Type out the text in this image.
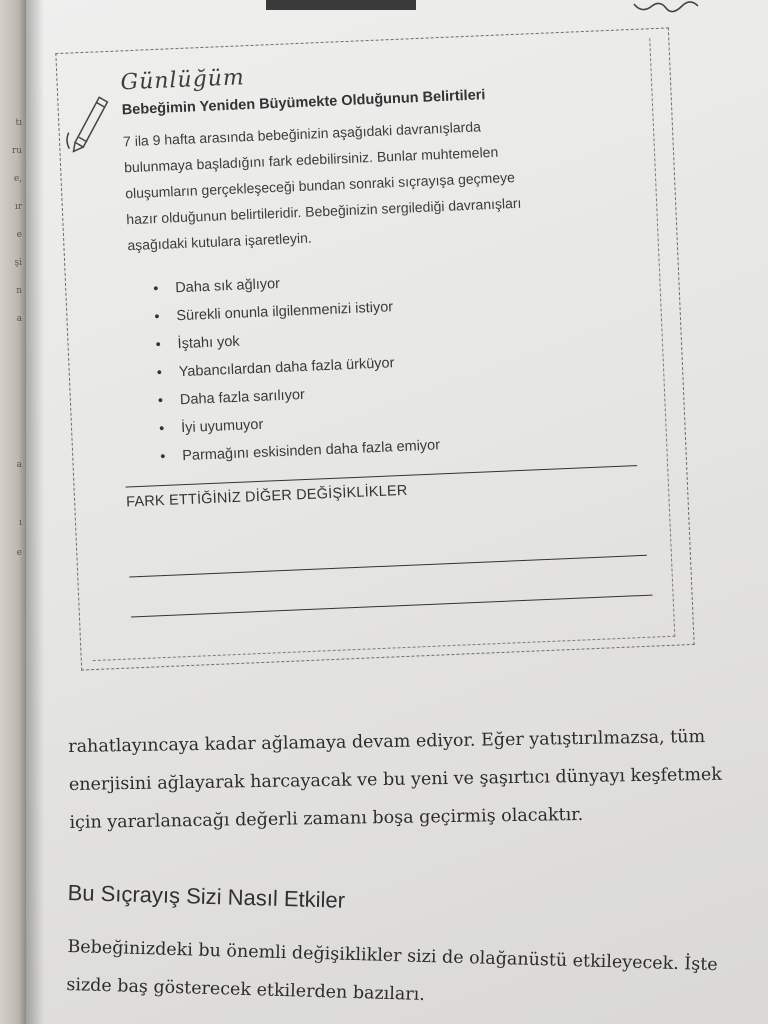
tı
ru
e,
ır
e
şi
n
a
a
ı
e
Günlüğüm
Bebeğimin Yeniden Büyümekte Olduğunun Belirtileri
7 ila 9 hafta arasında bebeğinizin aşağıdaki davranışlarda
bulunmaya başladığını fark edebilirsiniz. Bunlar muhtemelen
oluşumların gerçekleşeceği bundan sonraki sıçrayışa geçmeye
hazır olduğunun belirtileridir. Bebeğinizin sergilediği davranışları
aşağıdaki kutulara işaretleyin.
• Daha sık ağlıyor
• Sürekli onunla ilgilenmenizi istiyor
• İştahı yok
• Yabancılardan daha fazla ürküyor
• Daha fazla sarılıyor
• İyi uyumuyor
• Parmağını eskisinden daha fazla emiyor
FARK ETTİĞİNİZ DİĞER DEĞİŞİKLİKLER
rahatlayıncaya kadar ağlamaya devam ediyor. Eğer yatıştırılmazsa, tüm
enerjisini ağlayarak harcayacak ve bu yeni ve şaşırtıcı dünyayı keşfetmek
için yararlanacağı değerli zamanı boşa geçirmiş olacaktır.
Bu Sıçrayış Sizi Nasıl Etkiler
Bebeğinizdeki bu önemli değişiklikler sizi de olağanüstü etkileyecek. İşte
sizde baş gösterecek etkilerden bazıları.
